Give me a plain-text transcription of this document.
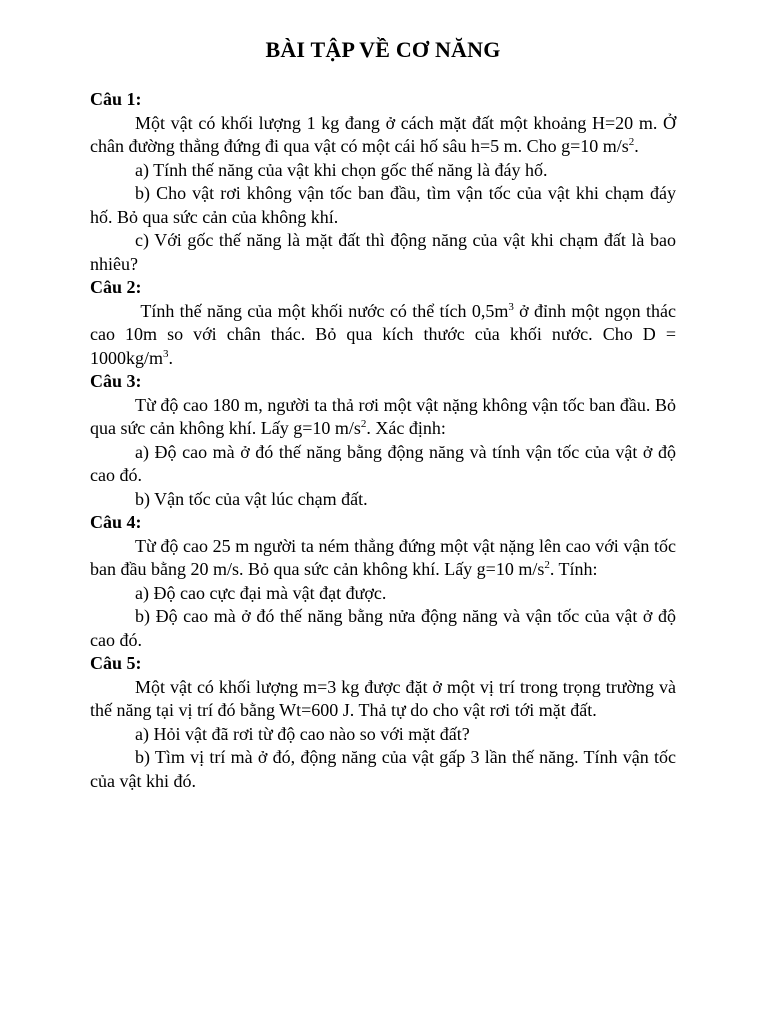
BÀI TẬP VỀ CƠ NĂNG

Câu 1:

Một vật có khối lượng 1 kg đang ở cách mặt đất một khoảng H=20 m. Ở chân đường thẳng đứng đi qua vật có một cái hố sâu h=5 m. Cho g=10 $m/s^2$.

a) Tính thế năng của vật khi chọn gốc thế năng là đáy hố.

b) Cho vật rơi không vận tốc ban đầu, tìm vận tốc của vật khi chạm đáy hố. Bỏ qua sức cản của không khí.

c) Với gốc thế năng là mặt đất thì động năng của vật khi chạm đất là bao nhiêu?

Câu 2:

Tính thế năng của một khối nước có thể tích $0,5m^3$ ở đỉnh một ngọn thác cao 10m so với chân thác. Bỏ qua kích thước của khối nước. Cho $D = 1000kg/m^3$.

Câu 3:

Từ độ cao 180 m, người ta thả rơi một vật nặng không vận tốc ban đầu. Bỏ qua sức cản không khí. Lấy g=10 $m/s^2$. Xác định:

a) Độ cao mà ở đó thế năng bằng động năng và tính vận tốc của vật ở độ cao đó.

b) Vận tốc của vật lúc chạm đất.

Câu 4:

Từ độ cao 25 m người ta ném thẳng đứng một vật nặng lên cao với vận tốc ban đầu bằng 20 m/s. Bỏ qua sức cản không khí. Lấy g=10 $m/s^2$. Tính:

a) Độ cao cực đại mà vật đạt được.

b) Độ cao mà ở đó thế năng bằng nửa động năng và vận tốc của vật ở độ cao đó.

Câu 5:

Một vật có khối lượng m=3 kg được đặt ở một vị trí trong trọng trường và thế năng tại vị trí đó bằng Wt=600 J. Thả tự do cho vật rơi tới mặt đất.

a) Hỏi vật đã rơi từ độ cao nào so với mặt đất?

b) Tìm vị trí mà ở đó, động năng của vật gấp 3 lần thế năng. Tính vận tốc của vật khi đó.
